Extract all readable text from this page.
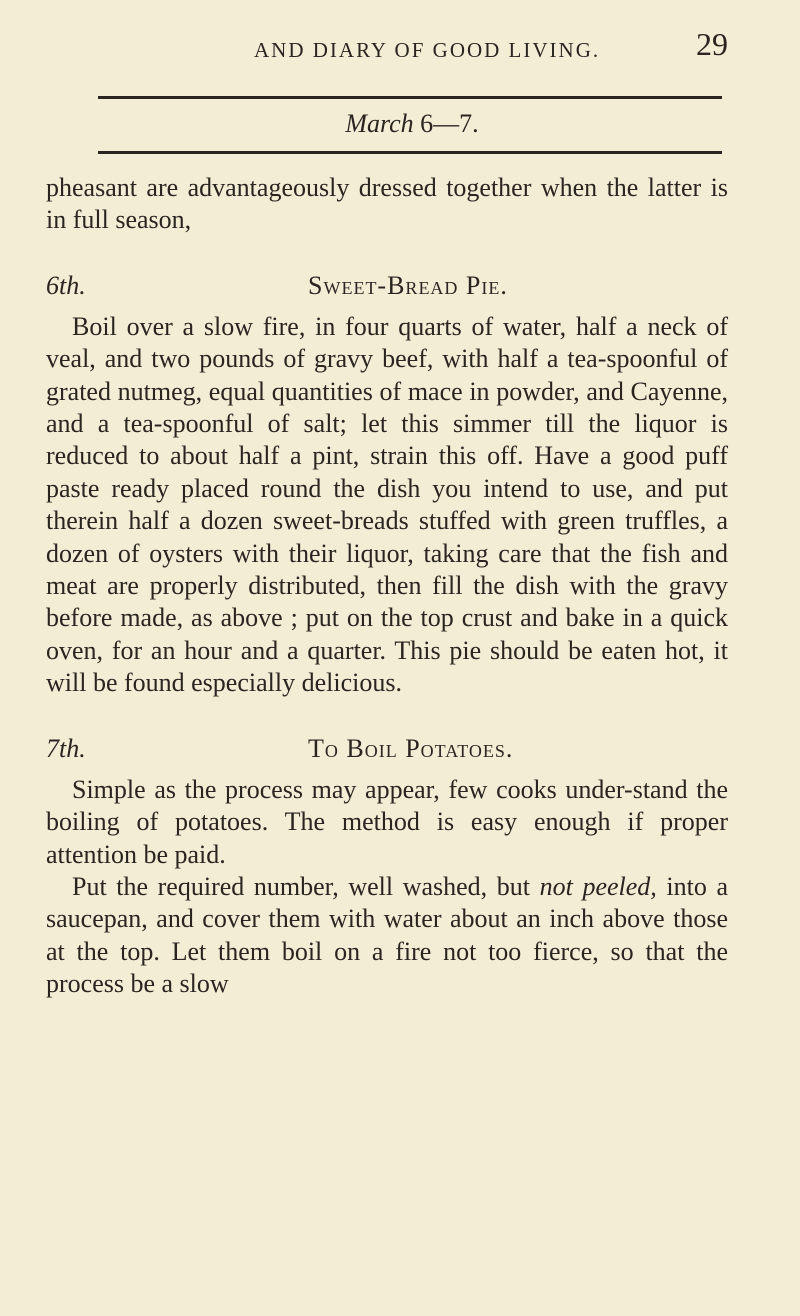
AND DIARY OF GOOD LIVING.	29
March 6—7.

pheasant are advantageously dressed together when the latter is in full season,

6th.	Sweet-Bread Pie.

Boil over a slow fire, in four quarts of water, half a neck of veal, and two pounds of gravy beef, with half a tea-spoonful of grated nutmeg, equal quantities of mace in powder, and Cayenne, and a tea-spoonful of salt; let this simmer till the liquor is reduced to about half a pint, strain this off. Have a good puff paste ready placed round the dish you intend to use, and put therein half a dozen sweet-breads stuffed with green truffles, a dozen of oysters with their liquor, taking care that the fish and meat are properly distributed, then fill the dish with the gravy before made, as above ; put on the top crust and bake in a quick oven, for an hour and a quarter. This pie should be eaten hot, it will be found especially delicious.

7th.	To Boil Potatoes.

Simple as the process may appear, few cooks under-stand the boiling of potatoes. The method is easy enough if proper attention be paid.

Put the required number, well washed, but not peeled, into a saucepan, and cover them with water about an inch above those at the top. Let them boil on a fire not too fierce, so that the process be a slow
